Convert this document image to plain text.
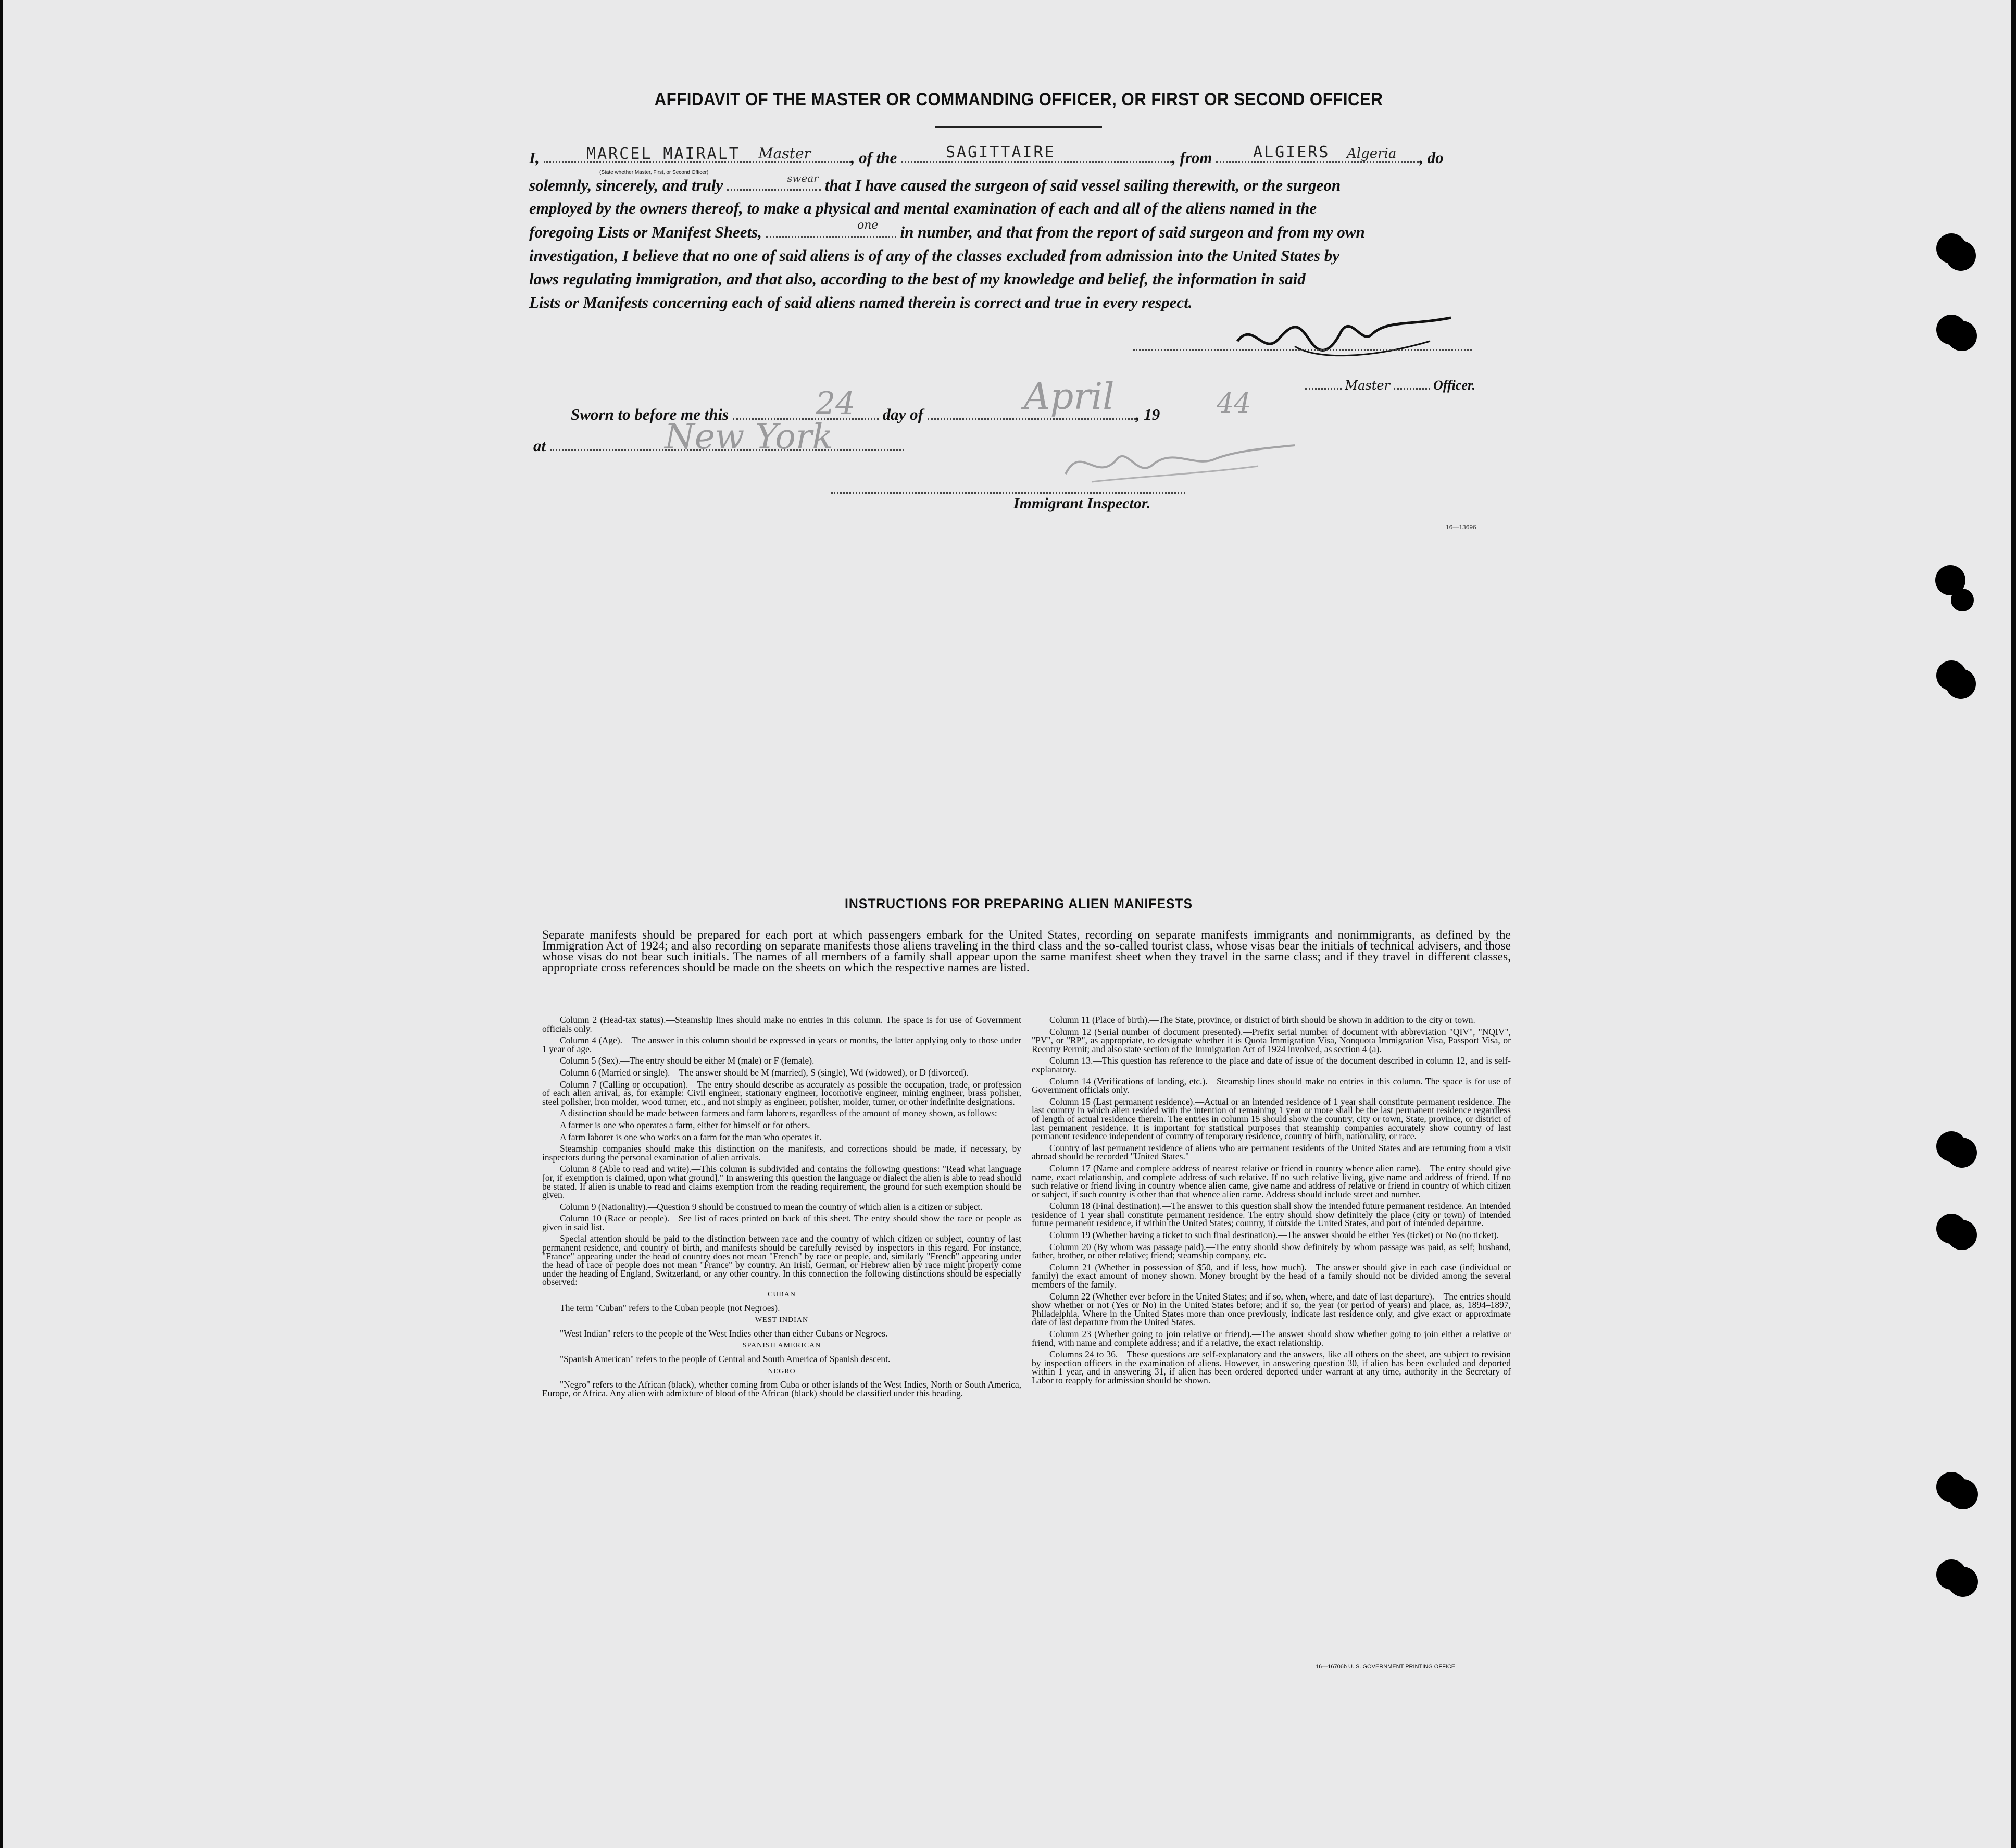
AFFIDAVIT OF THE MASTER OR COMMANDING OFFICER, OR FIRST OR SECOND OFFICER
I,	, of the	, from	, do
MARCEL MAIRALT Master	SAGITTAIRE	ALGIERS Algeria
(State whether Master, First, or Second Officer)
solemnly, sincerely, and truly	that I have caused the surgeon of said vessel sailing therewith, or the surgeon
swear
employed by the owners thereof, to make a physical and mental examination of each and all of the aliens named in the
foregoing Lists or Manifest Sheets,	in number, and that from the report of said surgeon and from my own
one
investigation, I believe that no one of said aliens is of any of the classes excluded from admission into the United States by
laws regulating immigration, and that also, according to the best of my knowledge and belief, the information in said
Lists or Manifests concerning each of said aliens named therein is correct and true in every respect.
Master	Officer.
Sworn to before me this	day of	, 19
24	April	44
at	New York
Immigrant Inspector.
16—13696
INSTRUCTIONS FOR PREPARING ALIEN MANIFESTS
Separate manifests should be prepared for each port at which passengers embark for the United States, recording on separate manifests immigrants and nonimmigrants, as defined by the Immigration Act of 1924; and also recording on separate manifests those aliens traveling in the third class and the so-called tourist class, whose visas bear the initials of technical advisers, and those whose visas do not bear such initials. The names of all members of a family shall appear upon the same manifest sheet when they travel in the same class; and if they travel in different classes, appropriate cross references should be made on the sheets on which the respective names are listed.

Column 2 (Head-tax status).—Steamship lines should make no entries in this column. The space is for use of Government officials only.

Column 4 (Age).—The answer in this column should be expressed in years or months, the latter applying only to those under 1 year of age.

Column 5 (Sex).—The entry should be either M (male) or F (female).

Column 6 (Married or single).—The answer should be M (married), S (single), Wd (widowed), or D (divorced).

Column 7 (Calling or occupation).—The entry should describe as accurately as possible the occupation, trade, or profession of each alien arrival, as, for example: Civil engineer, stationary engineer, locomotive engineer, mining engineer, brass polisher, steel polisher, iron molder, wood turner, etc., and not simply as engineer, polisher, molder, turner, or other indefinite designations.

A distinction should be made between farmers and farm laborers, regardless of the amount of money shown, as follows:

A farmer is one who operates a farm, either for himself or for others.

A farm laborer is one who works on a farm for the man who operates it.

Steamship companies should make this distinction on the manifests, and corrections should be made, if necessary, by inspectors during the personal examination of alien arrivals.

Column 8 (Able to read and write).—This column is subdivided and contains the following questions: "Read what language [or, if exemption is claimed, upon what ground]." In answering this question the language or dialect the alien is able to read should be stated. If alien is unable to read and claims exemption from the reading requirement, the ground for such exemption should be given.

Column 9 (Nationality).—Question 9 should be construed to mean the country of which alien is a citizen or subject.

Column 10 (Race or people).—See list of races printed on back of this sheet. The entry should show the race or people as given in said list.

Special attention should be paid to the distinction between race and the country of which citizen or subject, country of last permanent residence, and country of birth, and manifests should be carefully revised by inspectors in this regard. For instance, "France" appearing under the head of country does not mean "French" by race or people, and, similarly "French" appearing under the head of race or people does not mean "France" by country. An Irish, German, or Hebrew alien by race might properly come under the heading of England, Switzerland, or any other country. In this connection the following distinctions should be especially observed:

CUBAN

The term "Cuban" refers to the Cuban people (not Negroes).

WEST INDIAN

"West Indian" refers to the people of the West Indies other than either Cubans or Negroes.

SPANISH AMERICAN

"Spanish American" refers to the people of Central and South America of Spanish descent.

NEGRO

"Negro" refers to the African (black), whether coming from Cuba or other islands of the West Indies, North or South America, Europe, or Africa. Any alien with admixture of blood of the African (black) should be classified under this heading.

Column 11 (Place of birth).—The State, province, or district of birth should be shown in addition to the city or town.

Column 12 (Serial number of document presented).—Prefix serial number of document with abbreviation "QIV", "NQIV", "PV", or "RP", as appropriate, to designate whether it is Quota Immigration Visa, Nonquota Immigration Visa, Passport Visa, or Reentry Permit; and also state section of the Immigration Act of 1924 involved, as section 4 (a).

Column 13.—This question has reference to the place and date of issue of the document described in column 12, and is self-explanatory.

Column 14 (Verifications of landing, etc.).—Steamship lines should make no entries in this column. The space is for use of Government officials only.

Column 15 (Last permanent residence).—Actual or an intended residence of 1 year shall constitute permanent residence. The last country in which alien resided with the intention of remaining 1 year or more shall be the last permanent residence regardless of length of actual residence therein. The entries in column 15 should show the country, city or town, State, province, or district of last permanent residence. It is important for statistical purposes that steamship companies accurately show country of last permanent residence independent of country of temporary residence, country of birth, nationality, or race.

Country of last permanent residence of aliens who are permanent residents of the United States and are returning from a visit abroad should be recorded "United States."

Column 17 (Name and complete address of nearest relative or friend in country whence alien came).—The entry should give name, exact relationship, and complete address of such relative. If no such relative living, give name and address of friend. If no such relative or friend living in country whence alien came, give name and address of relative or friend in country of which citizen or subject, if such country is other than that whence alien came. Address should include street and number.

Column 18 (Final destination).—The answer to this question shall show the intended future permanent residence. An intended residence of 1 year shall constitute permanent residence. The entry should show definitely the place (city or town) of intended future permanent residence, if within the United States; country, if outside the United States, and port of intended departure.

Column 19 (Whether having a ticket to such final destination).—The answer should be either Yes (ticket) or No (no ticket).

Column 20 (By whom was passage paid).—The entry should show definitely by whom passage was paid, as self; husband, father, brother, or other relative; friend; steamship company, etc.

Column 21 (Whether in possession of $50, and if less, how much).—The answer should give in each case (individual or family) the exact amount of money shown. Money brought by the head of a family should not be divided among the several members of the family.

Column 22 (Whether ever before in the United States; and if so, when, where, and date of last departure).—The entries should show whether or not (Yes or No) in the United States before; and if so, the year (or period of years) and place, as, 1894–1897, Philadelphia. Where in the United States more than once previously, indicate last residence only, and give exact or approximate date of last departure from the United States.

Column 23 (Whether going to join relative or friend).—The answer should show whether going to join either a relative or friend, with name and complete address; and if a relative, the exact relationship.

Columns 24 to 36.—These questions are self-explanatory and the answers, like all others on the sheet, are subject to revision by inspection officers in the examination of aliens. However, in answering question 30, if alien has been excluded and deported within 1 year, and in answering 31, if alien has been ordered deported under warrant at any time, authority in the Secretary of Labor to reapply for admission should be shown.

16—16706b U. S. GOVERNMENT PRINTING OFFICE
